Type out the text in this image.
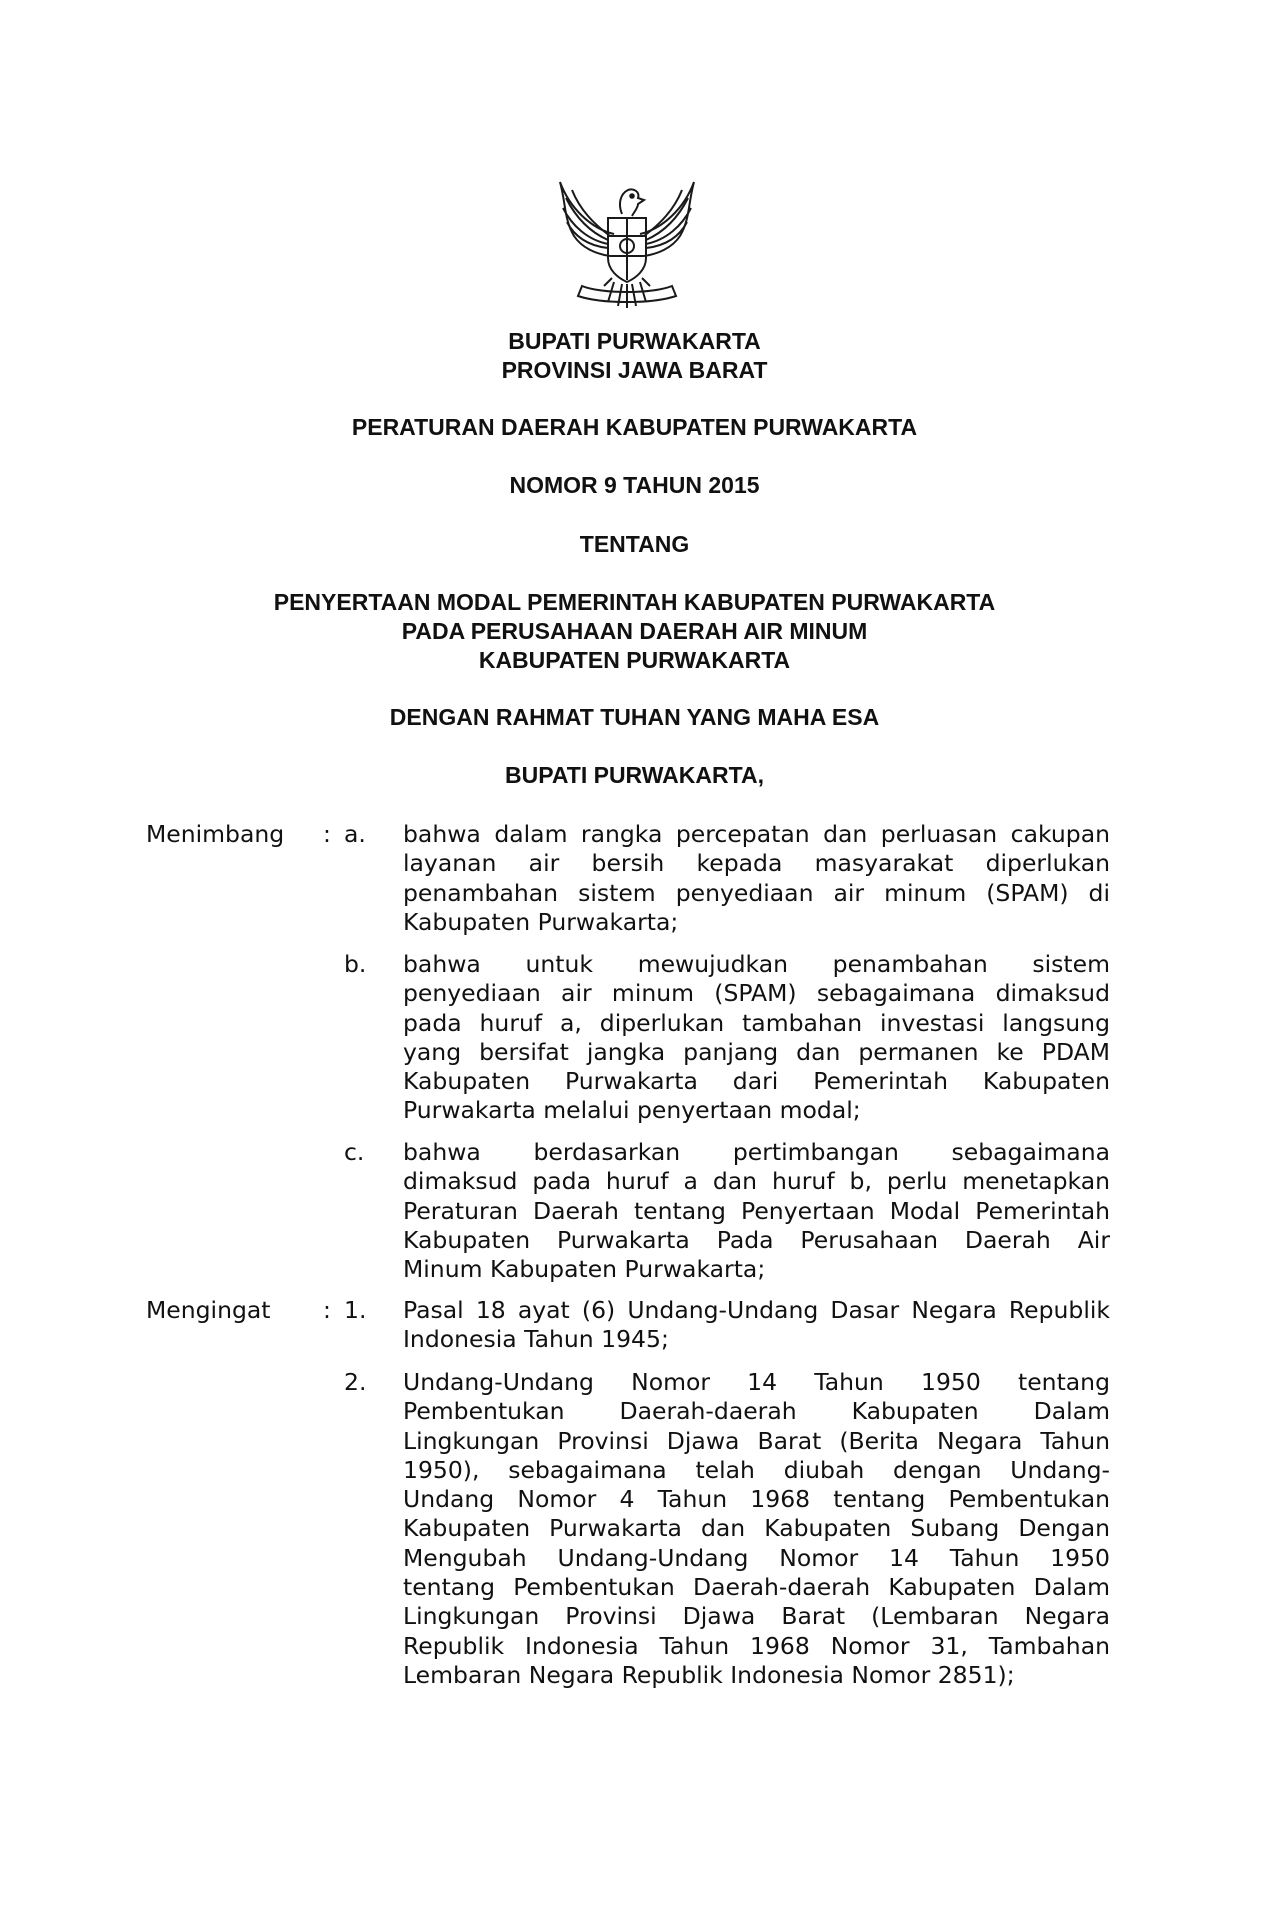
BUPATI PURWAKARTA
PROVINSI JAWA BARAT
PERATURAN DAERAH KABUPATEN PURWAKARTA
NOMOR 9 TAHUN 2015
TENTANG
PENYERTAAN MODAL PEMERINTAH KABUPATEN PURWAKARTA
PADA PERUSAHAAN DAERAH AIR MINUM
KABUPATEN PURWAKARTA
DENGAN RAHMAT TUHAN YANG MAHA ESA
BUPATI PURWAKARTA,
Menimbang : a. bahwa dalam rangka percepatan dan perluasan cakupan
layanan air bersih kepada masyarakat diperlukan
penambahan sistem penyediaan air minum (SPAM) di
Kabupaten Purwakarta;
b. bahwa untuk mewujudkan penambahan sistem
penyediaan air minum (SPAM) sebagaimana dimaksud
pada huruf a, diperlukan tambahan investasi langsung
yang bersifat jangka panjang dan permanen ke PDAM
Kabupaten Purwakarta dari Pemerintah Kabupaten
Purwakarta melalui penyertaan modal;
c. bahwa berdasarkan pertimbangan sebagaimana
dimaksud pada huruf a dan huruf b, perlu menetapkan
Peraturan Daerah tentang Penyertaan Modal Pemerintah
Kabupaten Purwakarta Pada Perusahaan Daerah Air
Minum Kabupaten Purwakarta;
Mengingat : 1. Pasal 18 ayat (6) Undang-Undang Dasar Negara Republik
Indonesia Tahun 1945;
2. Undang-Undang Nomor 14 Tahun 1950 tentang
Pembentukan Daerah-daerah Kabupaten Dalam
Lingkungan Provinsi Djawa Barat (Berita Negara Tahun
1950), sebagaimana telah diubah dengan Undang-
Undang Nomor 4 Tahun 1968 tentang Pembentukan
Kabupaten Purwakarta dan Kabupaten Subang Dengan
Mengubah Undang-Undang Nomor 14 Tahun 1950
tentang Pembentukan Daerah-daerah Kabupaten Dalam
Lingkungan Provinsi Djawa Barat (Lembaran Negara
Republik Indonesia Tahun 1968 Nomor 31, Tambahan
Lembaran Negara Republik Indonesia Nomor 2851);
